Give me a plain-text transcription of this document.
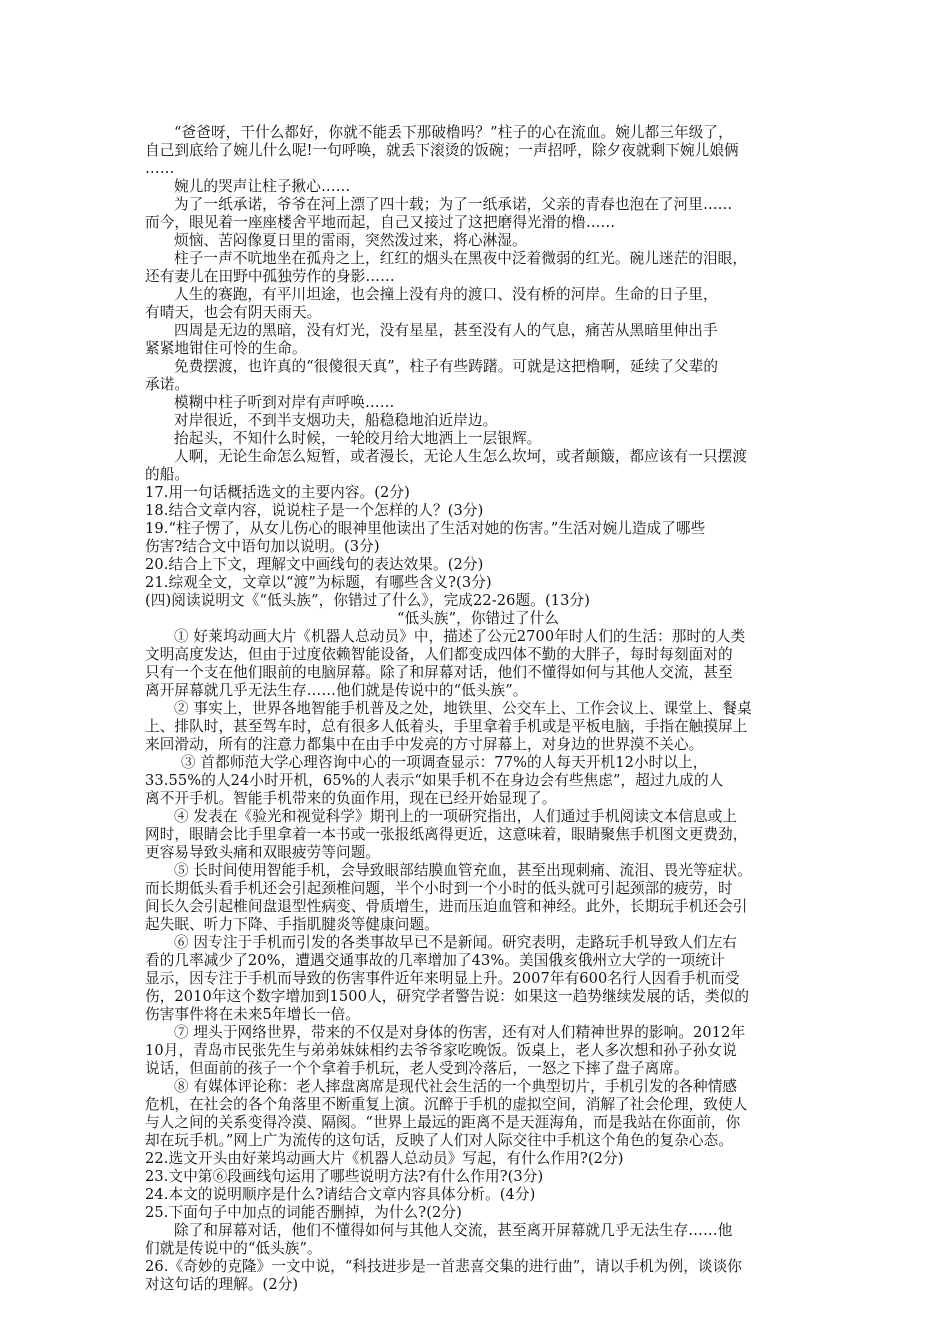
“爸爸呀，干什么都好，你就不能丢下那破橹吗？”柱子的心在流血。婉儿都三年级了，

自己到底给了婉儿什么呢!一句呼唤，就丢下滚烫的饭碗；一声招呼，除夕夜就剩下婉儿娘俩

……

婉儿的哭声让柱子揪心……

为了一纸承诺，爷爷在河上漂了四十载；为了一纸承诺，父亲的青春也泡在了河里……

而今，眼见着一座座楼舍平地而起，自己又接过了这把磨得光滑的橹……

烦恼、苦闷像夏日里的雷雨，突然泼过来，将心淋湿。

柱子一声不吭地坐在孤舟之上，红红的烟头在黑夜中泛着微弱的红光。碗儿迷茫的泪眼，

还有妻儿在田野中孤独劳作的身影……

人生的赛跑，有平川坦途，也会撞上没有舟的渡口、没有桥的河岸。生命的日子里，

有晴天，也会有阴天雨天。

四周是无边的黑暗，没有灯光，没有星星，甚至没有人的气息，痛苦从黑暗里伸出手

紧紧地钳住可怜的生命。

免费摆渡，也许真的“很傻很天真”，柱子有些踌躇。可就是这把橹啊，延续了父辈的

承诺。

模糊中柱子听到对岸有声呼唤……

对岸很近，不到半支烟功夫，船稳稳地泊近岸边。

抬起头，不知什么时候，一轮皎月给大地洒上一层银辉。

人啊，无论生命怎么短暂，或者漫长，无论人生怎么坎坷，或者颠簸，都应该有一只摆渡

的船。

17.用一句话概括选文的主要内容。(2分)

18.结合文章内容，说说柱子是一个怎样的人？(3分)

19.“柱子愣了，从女儿伤心的眼神里他读出了生活对她的伤害。”生活对婉儿造成了哪些

伤害?结合文中语句加以说明。(3分)

20.结合上下文，理解文中画线句的表达效果。(2分)

21.综观全文，文章以“渡”为标题，有哪些含义?(3分)

(四)阅读说明文《“低头族”，你错过了什么》，完成22-26题。(13分)

“低头族”，你错过了什么

① 好莱坞动画大片《机器人总动员》中，描述了公元2700年时人们的生活：那时的人类

文明高度发达，但由于过度依赖智能设备，人们都变成四体不勤的大胖子，每时每刻面对的

只有一个支在他们眼前的电脑屏幕。除了和屏幕对话，他们不懂得如何与其他人交流，甚至

离开屏幕就几乎无法生存……他们就是传说中的“低头族”。

② 事实上，世界各地智能手机普及之处，地铁里、公交车上、工作会议上、课堂上、餐桌

上、排队时，甚至驾车时，总有很多人低着头，手里拿着手机或是平板电脑，手指在触摸屏上

来回滑动，所有的注意力都集中在由手中发亮的方寸屏幕上，对身边的世界漠不关心。

③ 首都师范大学心理咨询中心的一项调查显示：77%的人每天开机12小时以上，

33.55%的人24小时开机，65%的人表示“如果手机不在身边会有些焦虑”，超过九成的人

离不开手机。智能手机带来的负面作用，现在已经开始显现了。

④ 发表在《验光和视觉科学》期刊上的一项研究指出，人们通过手机阅读文本信息或上

网时，眼睛会比手里拿着一本书或一张报纸离得更近，这意味着，眼睛聚焦手机图文更费劲，

更容易导致头痛和双眼疲劳等问题。

⑤ 长时间使用智能手机，会导致眼部结膜血管充血，甚至出现刺痛、流泪、畏光等症状。

而长期低头看手机还会引起颈椎问题，半个小时到一个小时的低头就可引起颈部的疲劳，时

间长久会引起椎间盘退型性病变、骨质增生，进而压迫血管和神经。此外，长期玩手机还会引

起失眠、听力下降、手指肌腱炎等健康问题。

⑥ 因专注于手机而引发的各类事故早已不是新闻。研究表明，走路玩手机导致人们左右

看的几率减少了20%，遭遇交通事故的几率增加了43%。美国俄亥俄州立大学的一项统计

显示，因专注于手机而导致的伤害事件近年来明显上升。2007年有600名行人因看手机而受

伤，2010年这个数字增加到1500人，研究学者警告说：如果这一趋势继续发展的话，类似的

伤害事件将在未来5年增长一倍。

⑦ 埋头于网络世界，带来的不仅是对身体的伤害，还有对人们精神世界的影响。2012年

10月，青岛市民张先生与弟弟妹妹相约去爷爷家吃晚饭。饭桌上，老人多次想和孙子孙女说

说话，但面前的孩子一个个拿着手机玩，老人受到冷落后，一怒之下摔了盘子离席。

⑧ 有媒体评论称：老人摔盘离席是现代社会生活的一个典型切片，手机引发的各种情感

危机，在社会的各个角落里不断重复上演。沉醉于手机的虚拟空间，消解了社会伦理，致使人

与人之间的关系变得冷漠、隔阂。“世界上最远的距离不是天涯海角，而是我站在你面前，你

却在玩手机。”网上广为流传的这句话，反映了人们对人际交往中手机这个角色的复杂心态。

22.选文开头由好莱坞动画大片《机器人总动员》写起，有什么作用?(2分)

23.文中第⑥段画线句运用了哪些说明方法?有什么作用?(3分)

24.本文的说明顺序是什么?请结合文章内容具体分析。(4分)

25.下面句子中加点的词能否删掉，为什么?(2分)

除了和屏幕对话，他们不懂得如何与其他人交流，甚至离开屏幕就几乎无法生存……他

们就是传说中的“低头族”。

26.《奇妙的克隆》一文中说，“科技进步是一首悲喜交集的进行曲”，请以手机为例，谈谈你

对这句话的理解。(2分)
